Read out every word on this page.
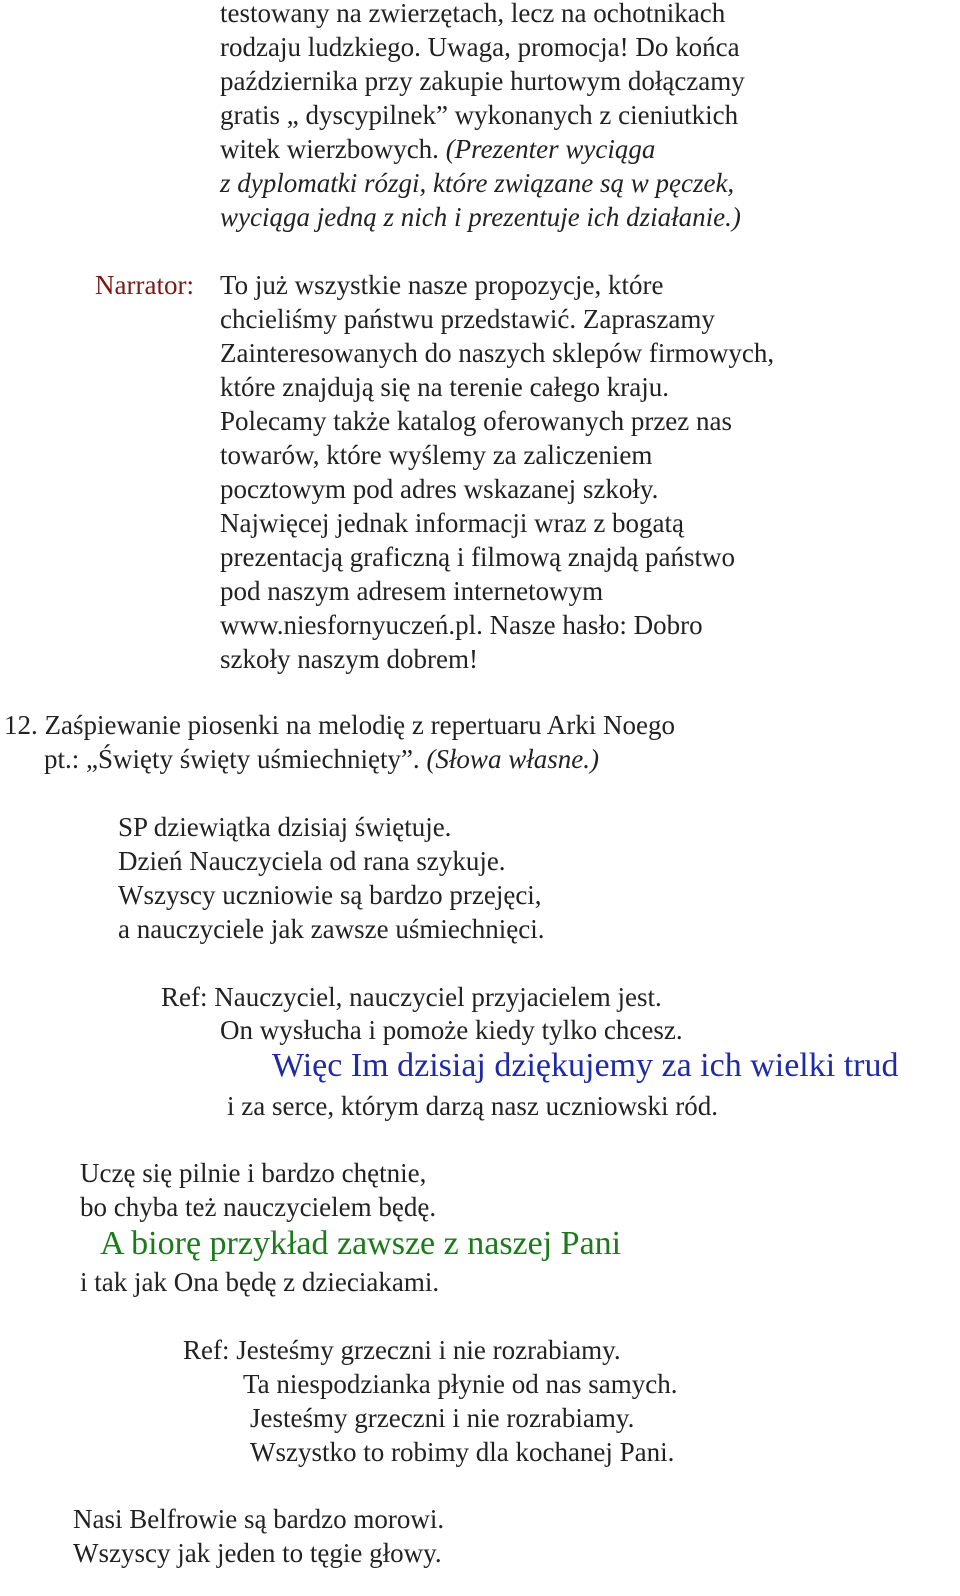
testowany na zwierzętach, lecz na ochotnikach

rodzaju ludzkiego. Uwaga, promocja! Do końca

października przy zakupie hurtowym dołączamy

gratis „ dyscypilnek” wykonanych z cieniutkich

witek wierzbowych. (Prezenter wyciąga

z dyplomatki rózgi, które związane są w pęczek,

wyciąga jedną z nich i prezentuje ich działanie.)

Narrator: To już wszystkie nasze propozycje, które

chcieliśmy państwu przedstawić. Zapraszamy

Zainteresowanych do naszych sklepów firmowych,

które znajdują się na terenie całego kraju.

Polecamy także katalog oferowanych przez nas

towarów, które wyślemy za zaliczeniem

pocztowym pod adres wskazanej szkoły.

Najwięcej jednak informacji wraz z bogatą

prezentacją graficzną i filmową znajdą państwo

pod naszym adresem internetowym

www.niesfornyuczeń.pl. Nasze hasło: Dobro

szkoły naszym dobrem!

12. Zaśpiewanie piosenki na melodię z repertuaru Arki Noego

pt.: „Święty święty uśmiechnięty”. (Słowa własne.)

SP dziewiątka dzisiaj świętuje.

Dzień Nauczyciela od rana szykuje.

Wszyscy uczniowie są bardzo przejęci,

a nauczyciele jak zawsze uśmiechnięci.

Ref: Nauczyciel, nauczyciel przyjacielem jest.

On wysłucha i pomoże kiedy tylko chcesz.

Więc Im dzisiaj dziękujemy za ich wielki trud

i za serce, którym darzą nasz uczniowski ród.

Uczę się pilnie i bardzo chętnie,

bo chyba też nauczycielem będę.

A biorę przykład zawsze z naszej Pani

i tak jak Ona będę z dzieciakami.

Ref: Jesteśmy grzeczni i nie rozrabiamy.

Ta niespodzianka płynie od nas samych.

Jesteśmy grzeczni i nie rozrabiamy.

Wszystko to robimy dla kochanej Pani.

Nasi Belfrowie są bardzo morowi.

Wszyscy jak jeden to tęgie głowy.
